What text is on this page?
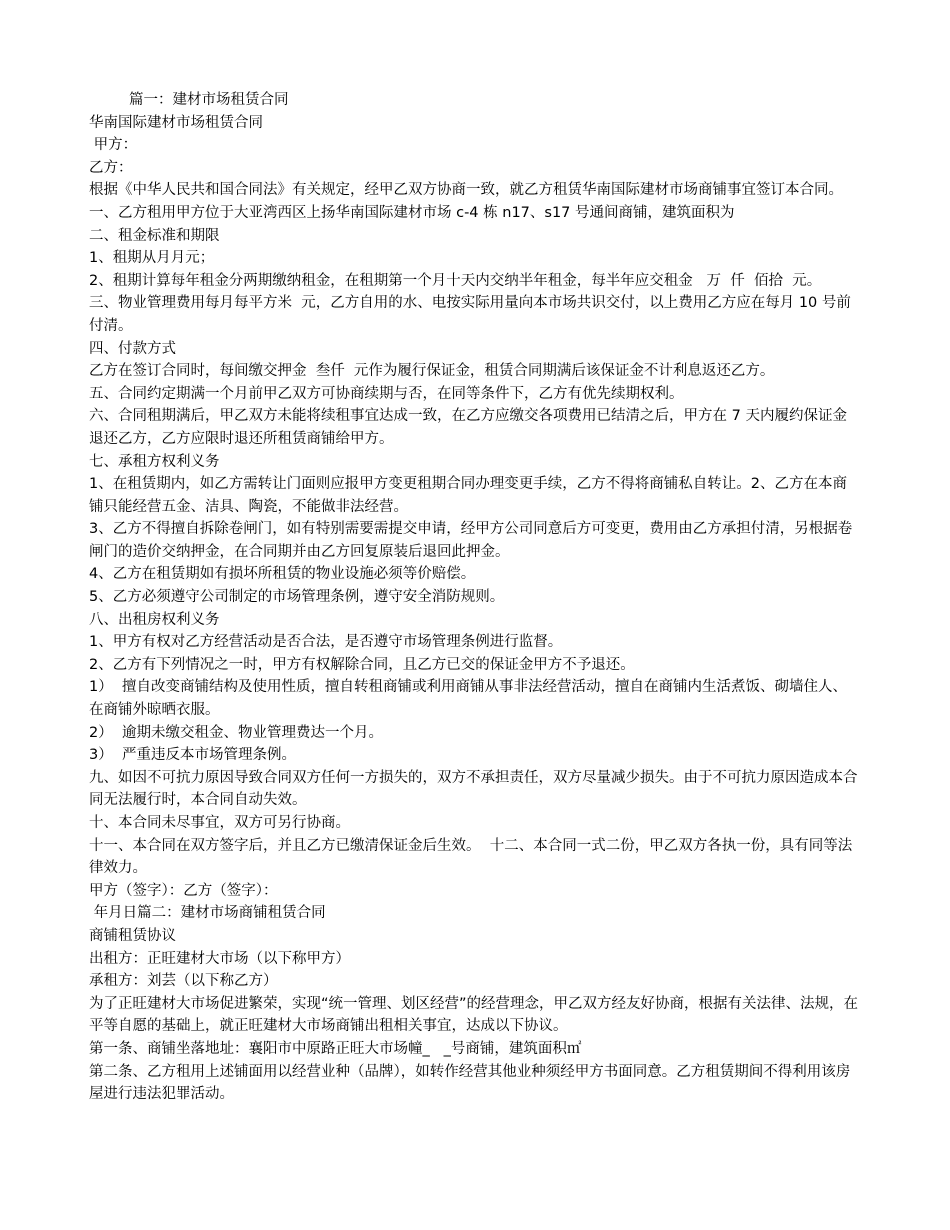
篇一：建材市场租赁合同

华南国际建材市场租赁合同

甲方：

乙方：

根据《中华人民共和国合同法》有关规定，经甲乙双方协商一致，就乙方租赁华南国际建材市场商铺事宜签订本合同。

一、乙方租用甲方位于大亚湾西区上扬华南国际建材市场 c-4 栋 n17、s17 号通间商铺，建筑面积为

二、租金标准和期限

1、租期从月月元；

2、租期计算每年租金分两期缴纳租金，在租期第一个月十天内交纳半年租金，每半年应交租金   万  仟  佰拾  元。

三、物业管理费用每月每平方米  元，乙方自用的水、电按实际用量向本市场共识交付，以上费用乙方应在每月 10 号前付清。

四、付款方式

乙方在签订合同时，每间缴交押金  叁仟  元作为履行保证金，租赁合同期满后该保证金不计利息返还乙方。

五、合同约定期满一个月前甲乙双方可协商续期与否，在同等条件下，乙方有优先续期权利。

六、合同租期满后，甲乙双方未能将续租事宜达成一致，在乙方应缴交各项费用已结清之后，甲方在 7 天内履约保证金退还乙方，乙方应限时退还所租赁商铺给甲方。

七、承租方权利义务

1、在租赁期内，如乙方需转让门面则应报甲方变更租期合同办理变更手续，乙方不得将商铺私自转让。2、乙方在本商铺只能经营五金、洁具、陶瓷，不能做非法经营。

3、乙方不得擅自拆除卷闸门，如有特别需要需提交申请，经甲方公司同意后方可变更，费用由乙方承担付清，另根据卷闸门的造价交纳押金，在合同期并由乙方回复原装后退回此押金。

4、乙方在租赁期如有损坏所租赁的物业设施必须等价赔偿。

5、乙方必须遵守公司制定的市场管理条例，遵守安全消防规则。

八、出租房权利义务

1、甲方有权对乙方经营活动是否合法，是否遵守市场管理条例进行监督。

2、乙方有下列情况之一时，甲方有权解除合同，且乙方已交的保证金甲方不予退还。

1）  擅自改变商铺结构及使用性质，擅自转租商铺或利用商铺从事非法经营活动，擅自在商铺内生活煮饭、砌墙住人、在商铺外晾晒衣服。

2）  逾期未缴交租金、物业管理费达一个月。

3）  严重违反本市场管理条例。

九、如因不可抗力原因导致合同双方任何一方损失的，双方不承担责任，双方尽量减少损失。由于不可抗力原因造成本合同无法履行时，本合同自动失效。

十、本合同未尽事宜，双方可另行协商。

十一、本合同在双方签字后，并且乙方已缴清保证金后生效。  十二、本合同一式二份，甲乙双方各执一份，具有同等法律效力。

甲方（签字）：乙方（签字）：

年月日篇二：建材市场商铺租赁合同

商铺租赁协议

出租方：正旺建材大市场（以下称甲方）

承租方：刘芸（以下称乙方）

为了正旺建材大市场促进繁荣，实现“统一管理、划区经营”的经营理念，甲乙双方经友好协商，根据有关法律、法规，在平等自愿的基础上，就正旺建材大市场商铺出租相关事宜，达成以下协议。

第一条、商铺坐落地址：襄阳市中原路正旺大市场幢_   _号商铺，建筑面积㎡

第二条、乙方租用上述铺面用以经营业种（品牌），如转作经营其他业种须经甲方书面同意。乙方租赁期间不得利用该房屋进行违法犯罪活动。
